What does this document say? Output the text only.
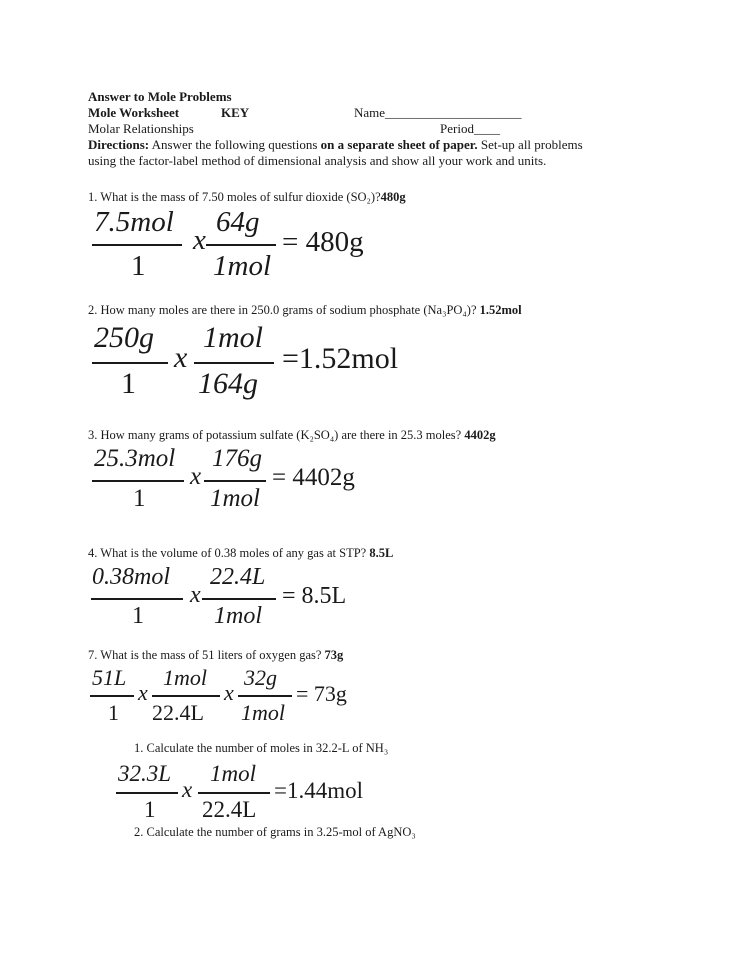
Answer to Mole Problems
Mole Worksheet	KEY	Name_____________________
Molar Relationships	Period____
Directions: Answer the following questions on a separate sheet of paper. Set-up all problems
using the factor-label method of dimensional analysis and show all your work and units.
1. What is the mass of 7.50 moles of sulfur dioxide (SO₂)?480g
7.5mol
1
x
64g
1mol
= 480g
2. How many moles are there in 250.0 grams of sodium phosphate (Na₃PO₄)? 1.52mol
250g
1
x
1mol
164g
=1.52mol
3. How many grams of potassium sulfate (K₂SO₄) are there in 25.3 moles? 4402g
25.3mol
1
x
176g
1mol
= 4402g
4. What is the volume of 0.38 moles of any gas at STP? 8.5L
0.38mol
1
x
22.4L
1mol
= 8.5L
7. What is the mass of 51 liters of oxygen gas? 73g
51L
1
x
1mol
22.4L
x
32g
1mol
= 73g
1. Calculate the number of moles in 32.2-L of NH₃
32.3L
1
x
1mol
22.4L
=1.44mol
2. Calculate the number of grams in 3.25-mol of AgNO₃
